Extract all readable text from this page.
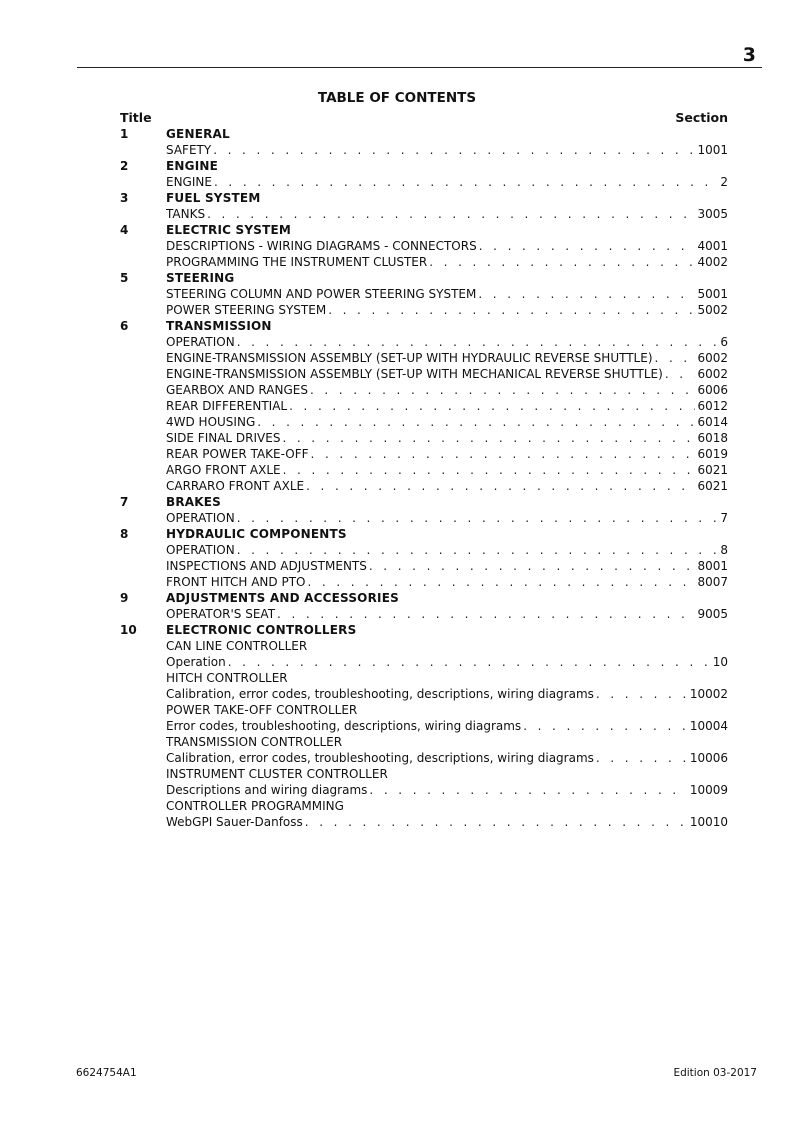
3
TABLE OF CONTENTS
Title	Section
1	GENERAL
SAFETY . . .	1001
2	ENGINE
ENGINE . . .	2
3	FUEL SYSTEM
TANKS . . .	3005
4	ELECTRIC SYSTEM
DESCRIPTIONS - WIRING DIAGRAMS - CONNECTORS . . .	4001
PROGRAMMING THE INSTRUMENT CLUSTER . . .	4002
5	STEERING
STEERING COLUMN AND POWER STEERING SYSTEM . . .	5001
POWER STEERING SYSTEM . . .	5002
6	TRANSMISSION
OPERATION . . .	6
ENGINE-TRANSMISSION ASSEMBLY (SET-UP WITH HYDRAULIC REVERSE SHUTTLE) . . .	6002
ENGINE-TRANSMISSION ASSEMBLY (SET-UP WITH MECHANICAL REVERSE SHUTTLE) . . .	6002
GEARBOX AND RANGES . . .	6006
REAR DIFFERENTIAL . . .	6012
4WD HOUSING . . .	6014
SIDE FINAL DRIVES . . .	6018
REAR POWER TAKE-OFF . . .	6019
ARGO FRONT AXLE . . .	6021
CARRARO FRONT AXLE . . .	6021
7	BRAKES
OPERATION . . .	7
8	HYDRAULIC COMPONENTS
OPERATION . . .	8
INSPECTIONS AND ADJUSTMENTS . . .	8001
FRONT HITCH AND PTO . . .	8007
9	ADJUSTMENTS AND ACCESSORIES
OPERATOR'S SEAT . . .	9005
10	ELECTRONIC CONTROLLERS
CAN LINE CONTROLLER
Operation . . .	10
HITCH CONTROLLER
Calibration, error codes, troubleshooting, descriptions, wiring diagrams . . .	10002
POWER TAKE-OFF CONTROLLER
Error codes, troubleshooting, descriptions, wiring diagrams . . .	10004
TRANSMISSION CONTROLLER
Calibration, error codes, troubleshooting, descriptions, wiring diagrams . . .	10006
INSTRUMENT CLUSTER CONTROLLER
Descriptions and wiring diagrams . . .	10009
CONTROLLER PROGRAMMING
WebGPI Sauer-Danfoss . . .	10010
6624754A1	Edition 03-2017
